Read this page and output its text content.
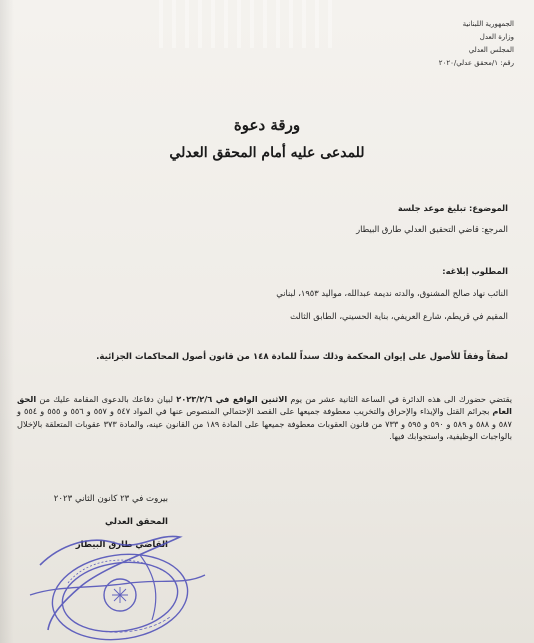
الجمهورية اللبنانية
وزارة العدل
المجلس العدلي
رقم: ١/محقق عدلي/٢٠٢٠
ورقة دعوة
للمدعى عليه أمام المحقق العدلي
الموضوع: تبليغ موعد جلسة
المرجع: قاضي التحقيق العدلي طارق البيطار
المطلوب إبلاغه:
النائب نهاد صالح المشنوق، والدته نديمة عبدالله، مواليد ١٩٥٣، لبناني
المقيم في قريطم، شارع العريفي، بناية الحسيني، الطابق الثالث
لصقاً وفقاً للأصول على إيوان المحكمة وذلك سنداً للمادة ١٤٨ من قانون أصول المحاكمات الجزائية.

يقتضي حضورك الى هذه الدائرة في الساعة الثانية عشر من يوم الاثنين الواقع في ٢٠٢٣/٢/٦ لبيان دفاعك بالدعوى المقامة عليك من الحق العام بجرائم القتل والإيذاء والإحراق والتخريب معطوفة جميعها على القصد الإحتمالي المنصوص عنها في المواد ٥٤٧ و ٥٥٧ و ٥٥٦ و ٥٥٥ و ٥٥٤ و ٥٨٧ و ٥٨٨ و ٥٨٩ و ٥٩٠ و ٥٩٥ و ٧٣٣ من قانون العقوبات معطوفة جميعها على المادة ١٨٩ من القانون عينه، والمادة ٣٧٣ عقوبات المتعلقة بالإخلال بالواجبات الوظيفية، واستجوابك فيها.

بيروت في ٢٣ كانون الثاني ٢٠٢٣
المحقق العدلي
القاضي طارق البيطار
